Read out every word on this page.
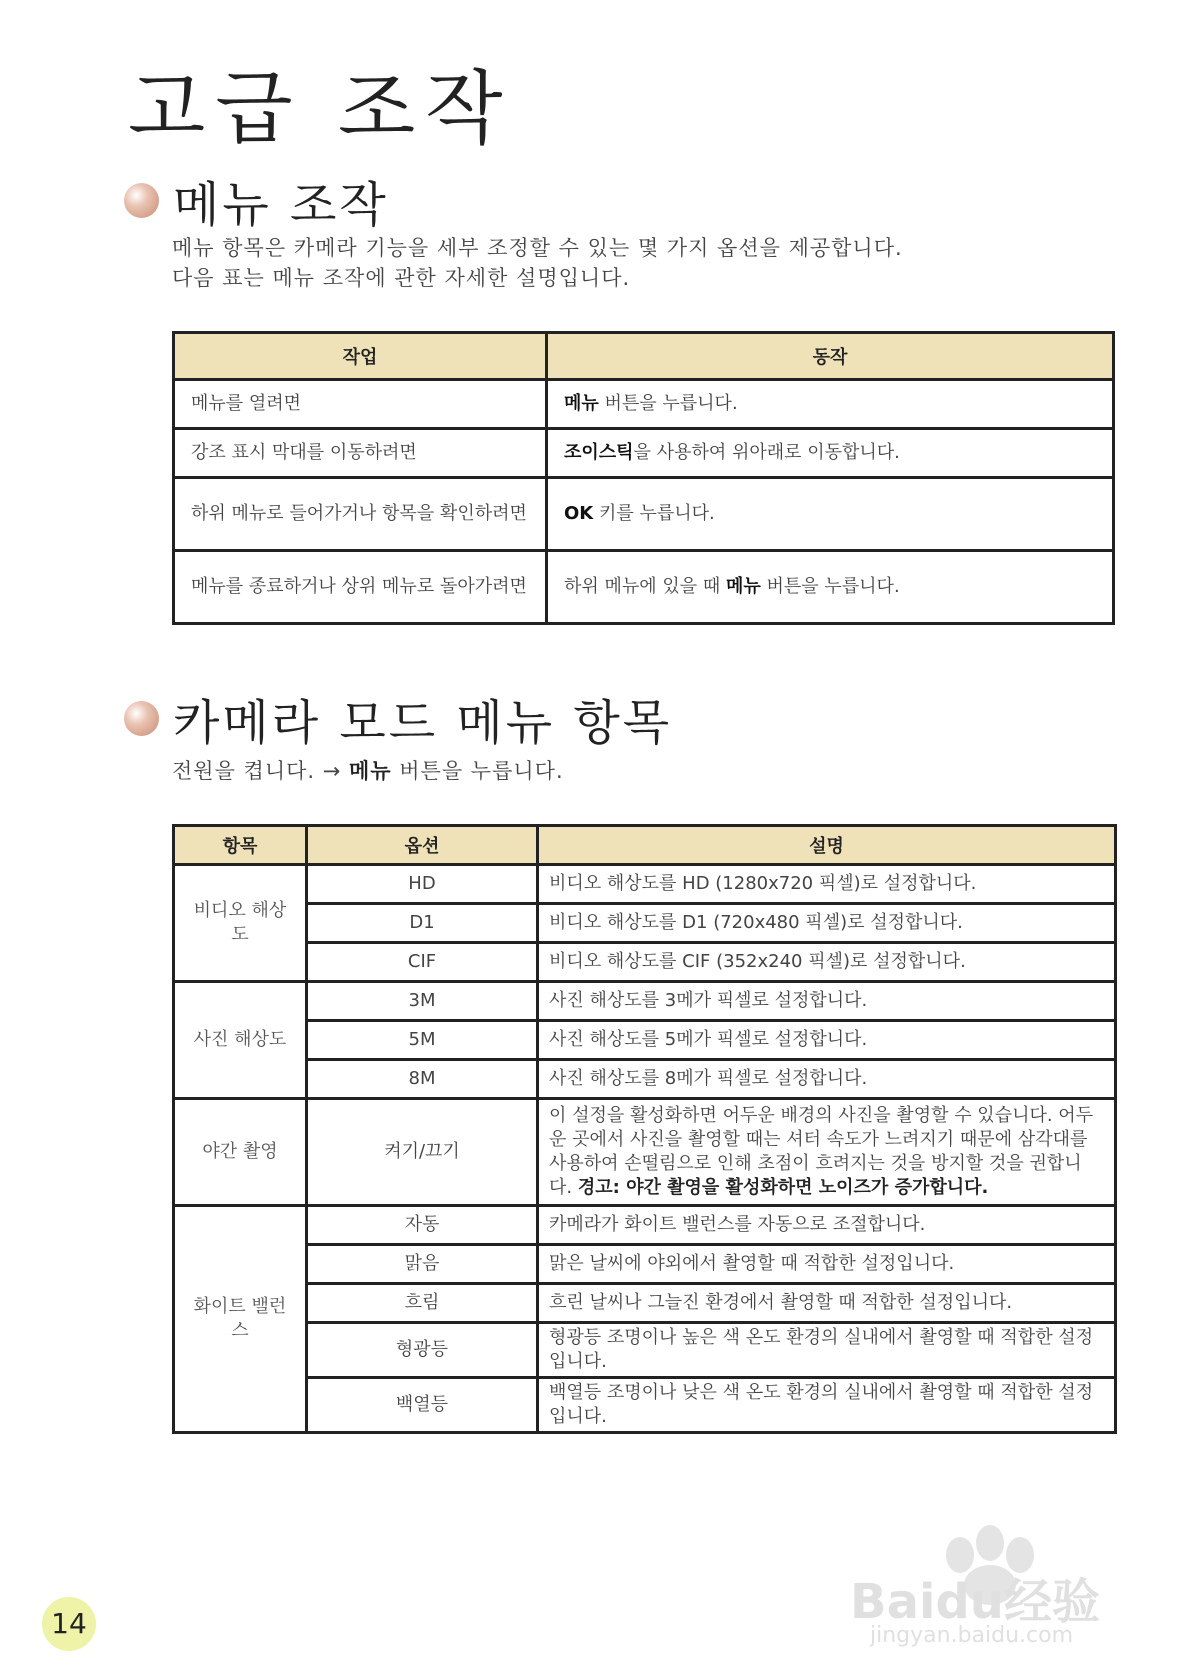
고급 조작
메뉴 조작

메뉴 항목은 카메라 기능을 세부 조정할 수 있는 몇 가지 옵션을 제공합니다.
다음 표는 메뉴 조작에 관한 자세한 설명입니다.

작업	동작
메뉴를 열려면	메뉴 버튼을 누릅니다.
강조 표시 막대를 이동하려면	조이스틱을 사용하여 위아래로 이동합니다.
하위 메뉴로 들어가거나 항목을 확인하려면	OK 키를 누릅니다.
메뉴를 종료하거나 상위 메뉴로 돌아가려면	하위 메뉴에 있을 때 메뉴 버튼을 누릅니다.
카메라 모드 메뉴 항목

전원을 켭니다. → 메뉴 버튼을 누릅니다.

항목	옵션	설명
비디오 해상도	HD	비디오 해상도를 HD (1280x720 픽셀)로 설정합니다.
	D1	비디오 해상도를 D1 (720x480 픽셀)로 설정합니다.
	CIF	비디오 해상도를 CIF (352x240 픽셀)로 설정합니다.
사진 해상도	3M	사진 해상도를 3메가 픽셀로 설정합니다.
	5M	사진 해상도를 5메가 픽셀로 설정합니다.
	8M	사진 해상도를 8메가 픽셀로 설정합니다.
야간 촬영	켜기/끄기	이 설정을 활성화하면 어두운 배경의 사진을 촬영할 수 있습니다. 어두운 곳에서 사진을 촬영할 때는 셔터 속도가 느려지기 때문에 삼각대를 사용하여 손떨림으로 인해 초점이 흐려지는 것을 방지할 것을 권합니다. 경고: 야간 촬영을 활성화하면 노이즈가 증가합니다.
화이트 밸런스	자동	카메라가 화이트 밸런스를 자동으로 조절합니다.
	맑음	맑은 날씨에 야외에서 촬영할 때 적합한 설정입니다.
	흐림	흐린 날씨나 그늘진 환경에서 촬영할 때 적합한 설정입니다.
	형광등	형광등 조명이나 높은 색 온도 환경의 실내에서 촬영할 때 적합한 설정입니다.
	백열등	백열등 조명이나 낮은 색 온도 환경의 실내에서 촬영할 때 적합한 설정입니다.
14	Baidu经验
jingyan.baidu.com
